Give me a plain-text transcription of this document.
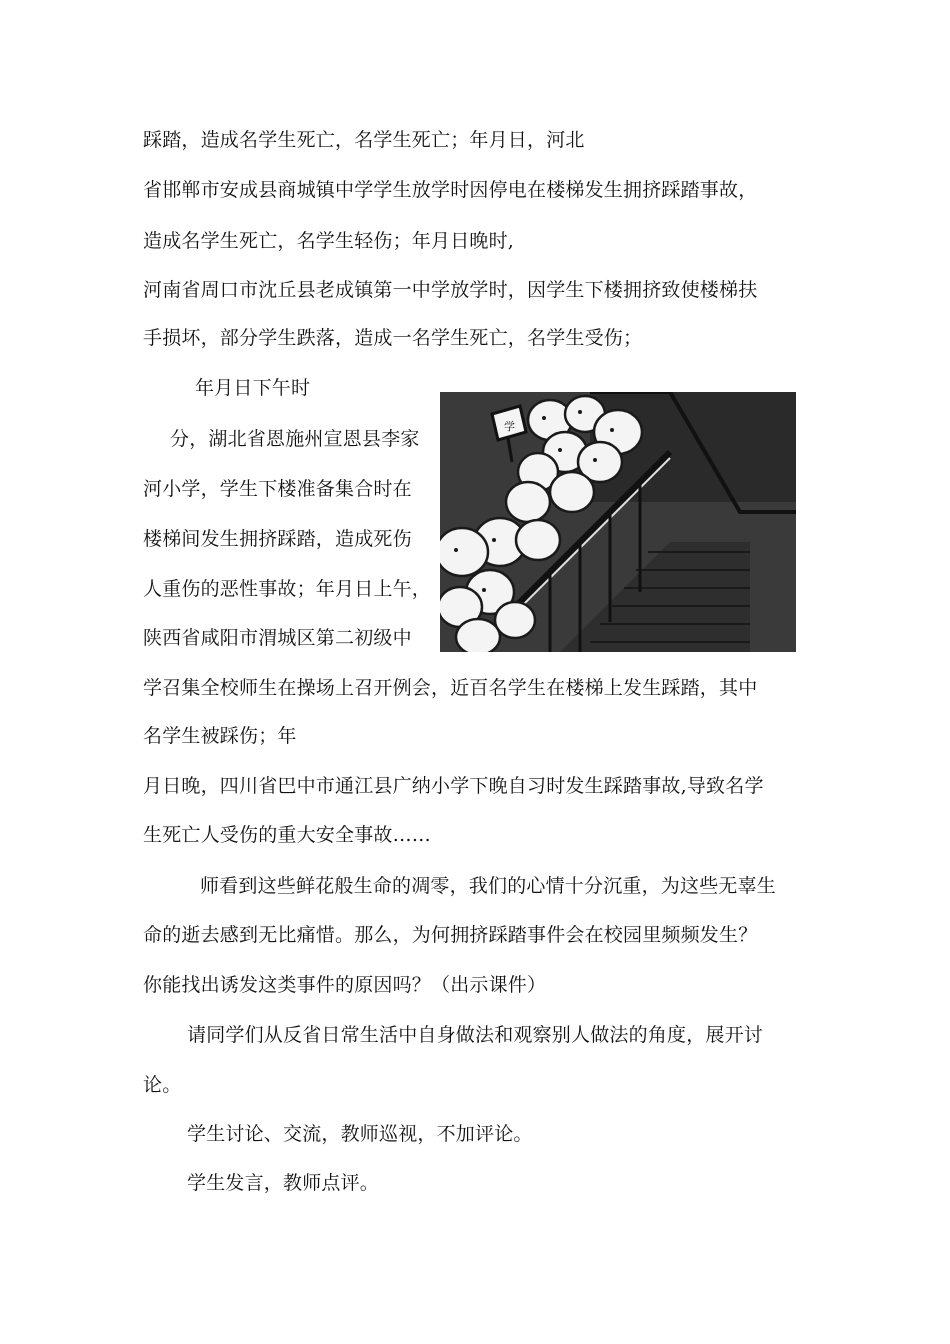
踩踏，造成名学生死亡，名学生死亡；年月日，河北
省邯郸市安成县商城镇中学学生放学时因停电在楼梯发生拥挤踩踏事故，
造成名学生死亡，名学生轻伤；年月日晚时,
河南省周口市沈丘县老成镇第一中学放学时，因学生下楼拥挤致使楼梯扶
手损坏，部分学生跌落，造成一名学生死亡，名学生受伤；
年月日下午时
分，湖北省恩施州宣恩县李家
河小学，学生下楼准备集合时在
楼梯间发生拥挤踩踏，造成死伤
人重伤的恶性事故；年月日上午，
陕西省咸阳市渭城区第二初级中
学召集全校师生在操场上召开例会，近百名学生在楼梯上发生踩踏，其中
名学生被踩伤；年
月日晚，四川省巴中市通江县广纳小学下晚自习时发生踩踏事故,导致名学
生死亡人受伤的重大安全事故……
师看到这些鲜花般生命的凋零，我们的心情十分沉重，为这些无辜生
命的逝去感到无比痛惜。那么，为何拥挤踩踏事件会在校园里频频发生？
你能找出诱发这类事件的原因吗？（出示课件）
请同学们从反省日常生活中自身做法和观察别人做法的角度，展开讨
论。
学生讨论、交流，教师巡视，不加评论。
学生发言，教师点评。
学
